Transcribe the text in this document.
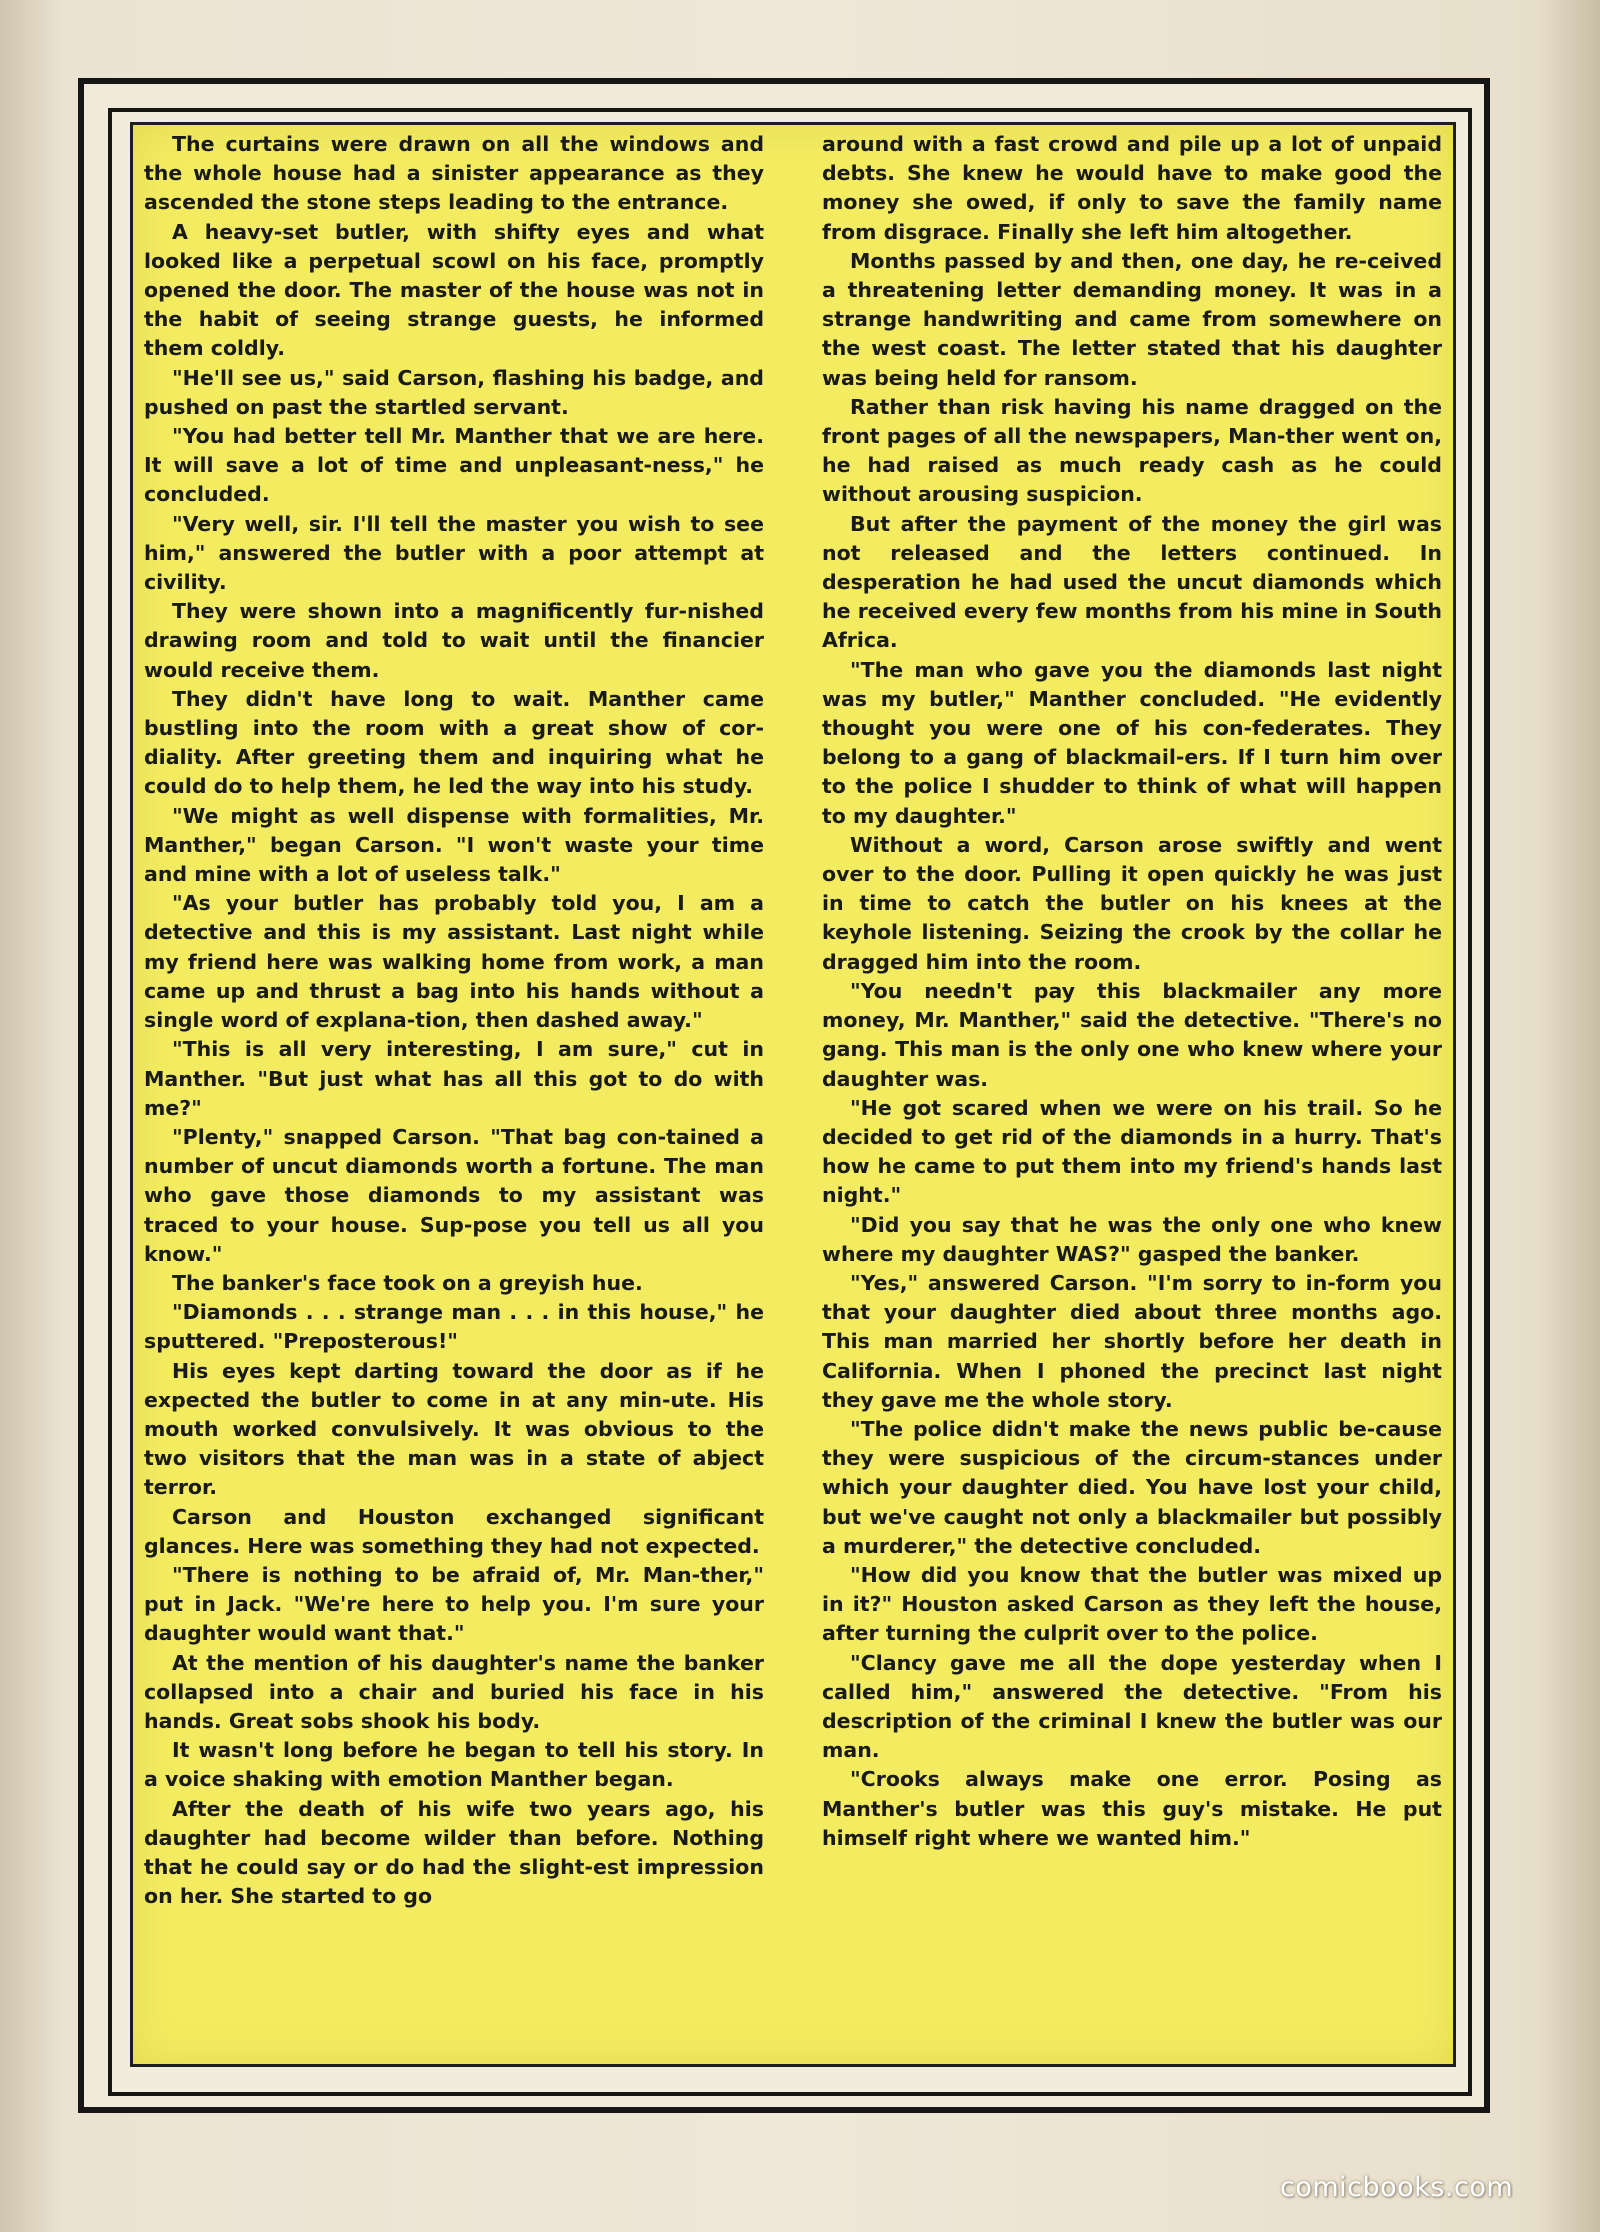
The curtains were drawn on all the windows and the whole house had a sinister appearance as they ascended the stone steps leading to the entrance.

A heavy-set butler, with shifty eyes and what looked like a perpetual scowl on his face, promptly opened the door. The master of the house was not in the habit of seeing strange guests, he informed them coldly.

"He'll see us," said Carson, flashing his badge, and pushed on past the startled servant.

"You had better tell Mr. Manther that we are here. It will save a lot of time and unpleasant-ness," he concluded.

"Very well, sir. I'll tell the master you wish to see him," answered the butler with a poor attempt at civility.

They were shown into a magnificently fur-nished drawing room and told to wait until the financier would receive them.

They didn't have long to wait. Manther came bustling into the room with a great show of cor-diality. After greeting them and inquiring what he could do to help them, he led the way into his study.

"We might as well dispense with formalities, Mr. Manther," began Carson. "I won't waste your time and mine with a lot of useless talk."

"As your butler has probably told you, I am a detective and this is my assistant. Last night while my friend here was walking home from work, a man came up and thrust a bag into his hands without a single word of explana-tion, then dashed away."

"This is all very interesting, I am sure," cut in Manther. "But just what has all this got to do with me?"

"Plenty," snapped Carson. "That bag con-tained a number of uncut diamonds worth a fortune. The man who gave those diamonds to my assistant was traced to your house. Sup-pose you tell us all you know."

The banker's face took on a greyish hue.

"Diamonds . . . strange man . . . in this house," he sputtered. "Preposterous!"

His eyes kept darting toward the door as if he expected the butler to come in at any min-ute. His mouth worked convulsively. It was obvious to the two visitors that the man was in a state of abject terror.

Carson and Houston exchanged significant glances. Here was something they had not expected.

"There is nothing to be afraid of, Mr. Man-ther," put in Jack. "We're here to help you. I'm sure your daughter would want that."

At the mention of his daughter's name the banker collapsed into a chair and buried his face in his hands. Great sobs shook his body.

It wasn't long before he began to tell his story. In a voice shaking with emotion Manther began.

After the death of his wife two years ago, his daughter had become wilder than before. Nothing that he could say or do had the slight-est impression on her. She started to go

around with a fast crowd and pile up a lot of unpaid debts. She knew he would have to make good the money she owed, if only to save the family name from disgrace. Finally she left him altogether.

Months passed by and then, one day, he re-ceived a threatening letter demanding money. It was in a strange handwriting and came from somewhere on the west coast. The letter stated that his daughter was being held for ransom.

Rather than risk having his name dragged on the front pages of all the newspapers, Man-ther went on, he had raised as much ready cash as he could without arousing suspicion.

But after the payment of the money the girl was not released and the letters continued. In desperation he had used the uncut diamonds which he received every few months from his mine in South Africa.

"The man who gave you the diamonds last night was my butler," Manther concluded. "He evidently thought you were one of his con-federates. They belong to a gang of blackmail-ers. If I turn him over to the police I shudder to think of what will happen to my daughter."

Without a word, Carson arose swiftly and went over to the door. Pulling it open quickly he was just in time to catch the butler on his knees at the keyhole listening. Seizing the crook by the collar he dragged him into the room.

"You needn't pay this blackmailer any more money, Mr. Manther," said the detective. "There's no gang. This man is the only one who knew where your daughter was.

"He got scared when we were on his trail. So he decided to get rid of the diamonds in a hurry. That's how he came to put them into my friend's hands last night."

"Did you say that he was the only one who knew where my daughter WAS?" gasped the banker.

"Yes," answered Carson. "I'm sorry to in-form you that your daughter died about three months ago. This man married her shortly before her death in California. When I phoned the precinct last night they gave me the whole story.

"The police didn't make the news public be-cause they were suspicious of the circum-stances under which your daughter died. You have lost your child, but we've caught not only a blackmailer but possibly a murderer," the detective concluded.

"How did you know that the butler was mixed up in it?" Houston asked Carson as they left the house, after turning the culprit over to the police.

"Clancy gave me all the dope yesterday when I called him," answered the detective. "From his description of the criminal I knew the butler was our man.

"Crooks always make one error. Posing as Manther's butler was this guy's mistake. He put himself right where we wanted him."

comicbooks.com
